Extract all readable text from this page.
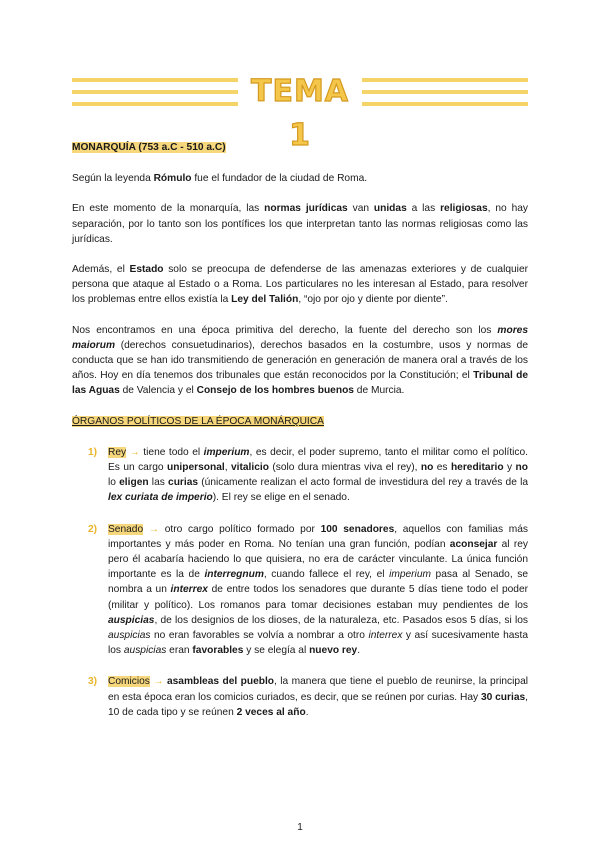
TEMA 1
MONARQUÍA (753 a.C - 510 a.C)

Según la leyenda Rómulo fue el fundador de la ciudad de Roma.

En este momento de la monarquía, las normas jurídicas van unidas a las religiosas, no hay separación, por lo tanto son los pontífices los que interpretan tanto las normas religiosas como las jurídicas.

Además, el Estado solo se preocupa de defenderse de las amenazas exteriores y de cualquier persona que ataque al Estado o a Roma. Los particulares no les interesan al Estado, para resolver los problemas entre ellos existía la Ley del Talión, “ojo por ojo y diente por diente”.

Nos encontramos en una época primitiva del derecho, la fuente del derecho son los mores maiorum (derechos consuetudinarios), derechos basados en la costumbre, usos y normas de conducta que se han ido transmitiendo de generación en generación de manera oral a través de los años. Hoy en día tenemos dos tribunales que están reconocidos por la Constitución; el Tribunal de las Aguas de Valencia y el Consejo de los hombres buenos de Murcia.

ÓRGANOS POLÍTICOS DE LA ÉPOCA MONÁRQUICA
1) Rey → tiene todo el imperium, es decir, el poder supremo, tanto el militar como el político. Es un cargo unipersonal, vitalicio (solo dura mientras viva el rey), no es hereditario y no lo eligen las curias (únicamente realizan el acto formal de investidura del rey a través de la lex curiata de imperio). El rey se elige en el senado.
2) Senado → otro cargo político formado por 100 senadores, aquellos con familias más importantes y más poder en Roma. No tenían una gran función, podían aconsejar al rey pero él acabaría haciendo lo que quisiera, no era de carácter vinculante. La única función importante es la de interregnum, cuando fallece el rey, el imperium pasa al Senado, se nombra a un interrex de entre todos los senadores que durante 5 días tiene todo el poder (militar y político). Los romanos para tomar decisiones estaban muy pendientes de los auspicias, de los designios de los dioses, de la naturaleza, etc. Pasados esos 5 días, si los auspicias no eran favorables se volvía a nombrar a otro interrex y así sucesivamente hasta los auspicias eran favorables y se elegía al nuevo rey.
3) Comicios → asambleas del pueblo, la manera que tiene el pueblo de reunirse, la principal en esta época eran los comicios curiados, es decir, que se reúnen por curias. Hay 30 curias, 10 de cada tipo y se reúnen 2 veces al año.
1
